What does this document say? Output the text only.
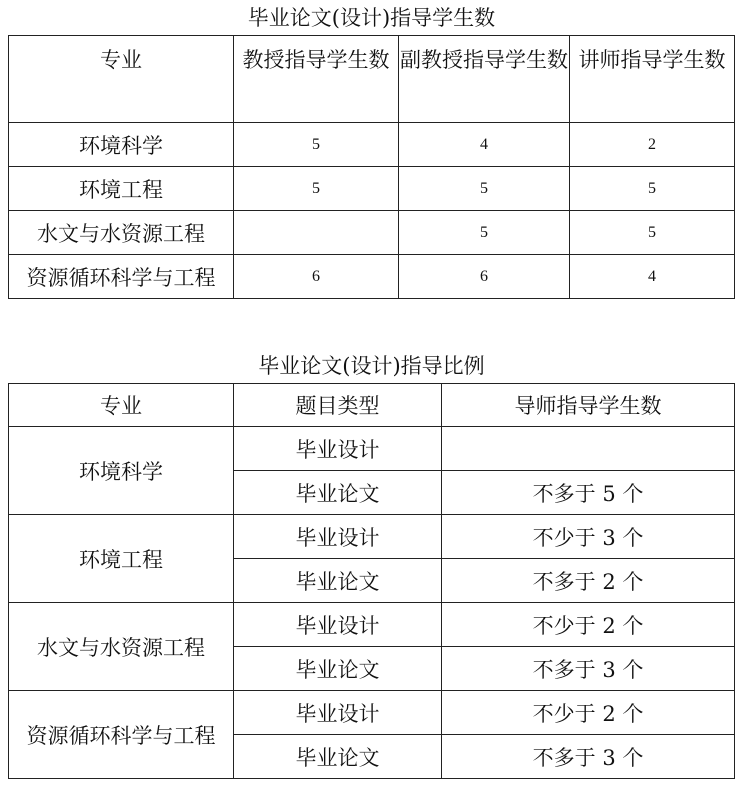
毕业论文(设计)指导学生数
专业	教授指导学生数	副教授指导学生数	讲师指导学生数
环境科学	5	4	2
环境工程	5	5	5
水文与水资源工程		5	5
资源循环科学与工程	6	6	4
毕业论文(设计)指导比例
专业	题目类型	导师指导学生数
环境科学	毕业设计	
	毕业论文	不多于 5 个
环境工程	毕业设计	不少于 3 个
	毕业论文	不多于 2 个
水文与水资源工程	毕业设计	不少于 2 个
	毕业论文	不多于 3 个
资源循环科学与工程	毕业设计	不少于 2 个
	毕业论文	不多于 3 个
